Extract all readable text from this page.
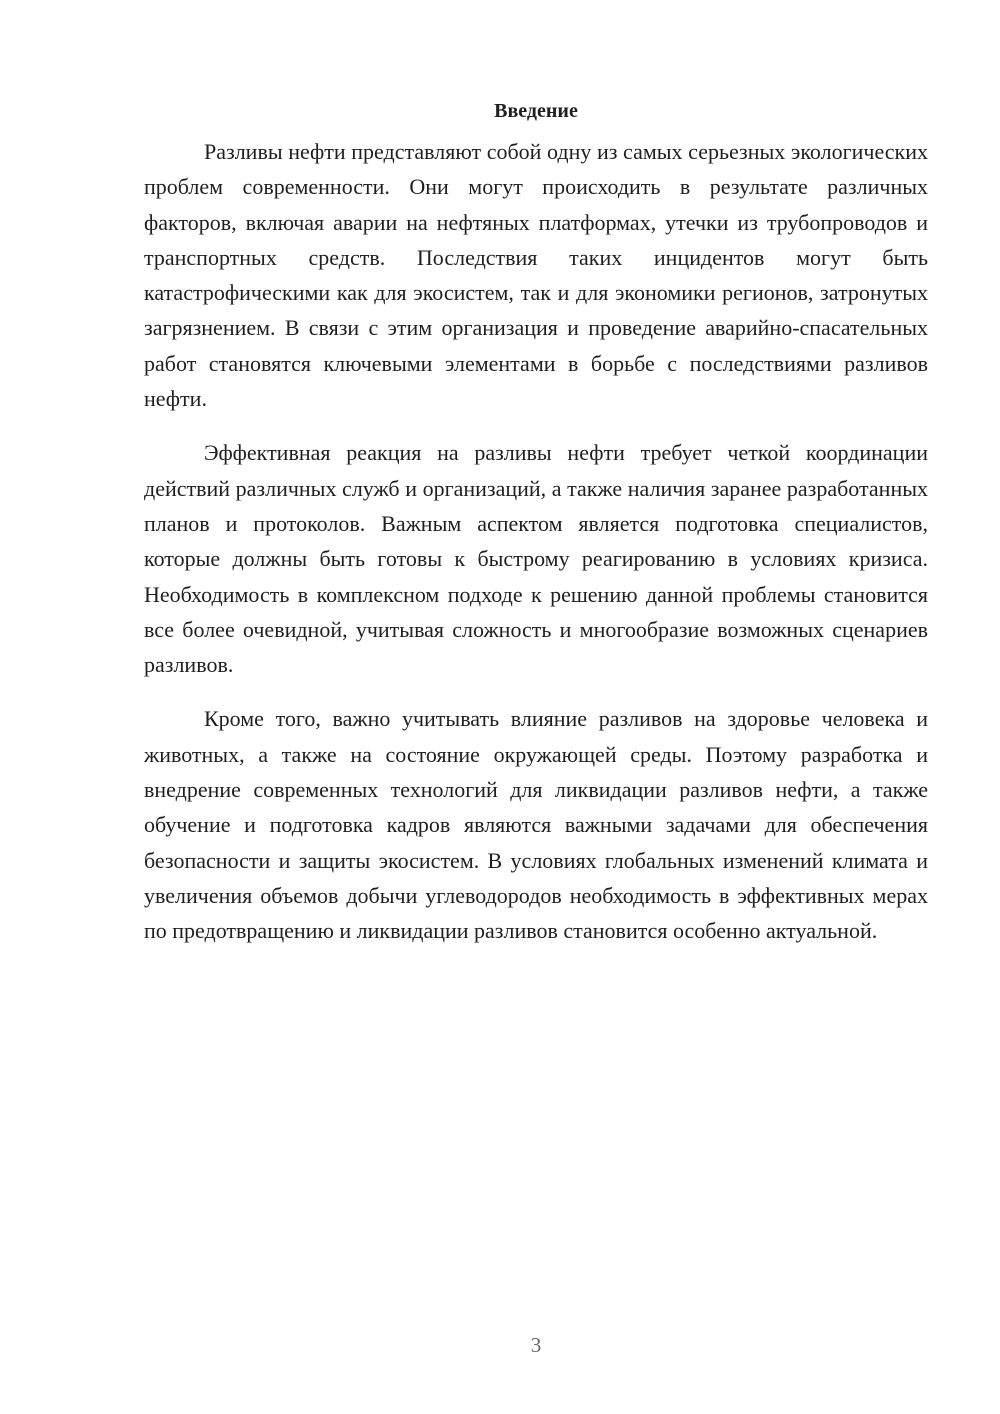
Введение

Разливы нефти представляют собой одну из самых серьезных экологических проблем современности. Они могут происходить в результате различных факторов, включая аварии на нефтяных платформах, утечки из трубопроводов и транспортных средств. Последствия таких инцидентов могут быть катастрофическими как для экосистем, так и для экономики регионов, затронутых загрязнением. В связи с этим организация и проведение аварийно-спасательных работ становятся ключевыми элементами в борьбе с последствиями разливов нефти.

Эффективная реакция на разливы нефти требует четкой координации действий различных служб и организаций, а также наличия заранее разработанных планов и протоколов. Важным аспектом является подготовка специалистов, которые должны быть готовы к быстрому реагированию в условиях кризиса. Необходимость в комплексном подходе к решению данной проблемы становится все более очевидной, учитывая сложность и многообразие возможных сценариев разливов.

Кроме того, важно учитывать влияние разливов на здоровье человека и животных, а также на состояние окружающей среды. Поэтому разработка и внедрение современных технологий для ликвидации разливов нефти, а также обучение и подготовка кадров являются важными задачами для обеспечения безопасности и защиты экосистем. В условиях глобальных изменений климата и увеличения объемов добычи углеводородов необходимость в эффективных мерах по предотвращению и ликвидации разливов становится особенно актуальной.

3
